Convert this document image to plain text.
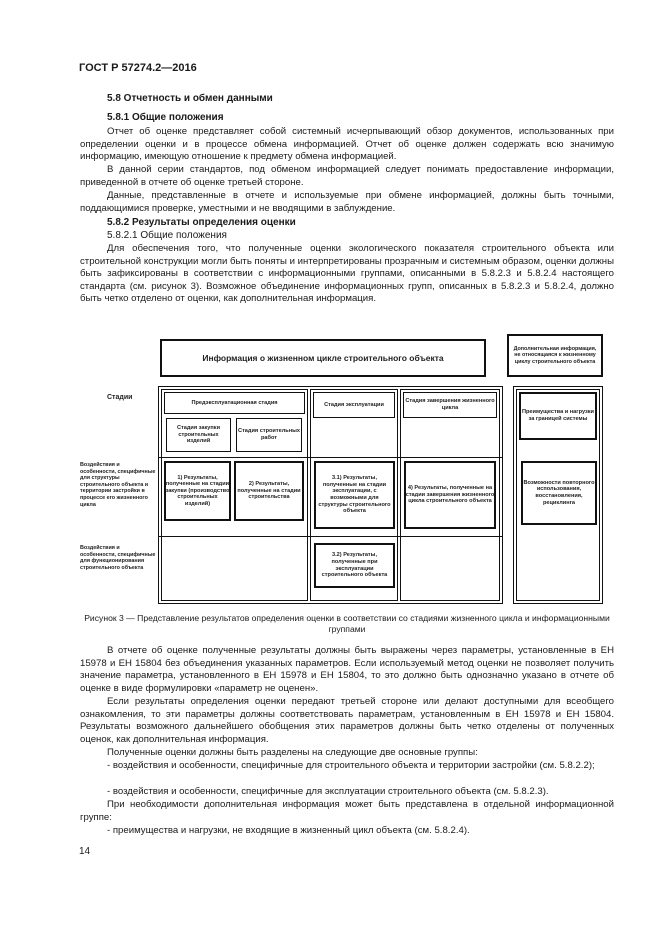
ГОСТ Р 57274.2—2016
5.8 Отчетность и обмен данными
5.8.1 Общие положения

Отчет об оценке представляет собой системный исчерпывающий обзор документов, использованных при определении оценки и в процессе обмена информацией. Отчет об оценке должен содержать всю значимую информацию, имеющую отношение к предмету обмена информацией.

В данной серии стандартов, под обменом информацией следует понимать предоставление информации, приведенной в отчете об оценке третьей стороне.

Данные, представленные в отчете и используемые при обмене информацией, должны быть точными, поддающимися проверке, уместными и не вводящими в заблуждение.

5.8.2 Результаты определения оценки
5.8.2.1 Общие положения

Для обеспечения того, что полученные оценки экологического показателя строительного объекта или строительной конструкции могли быть поняты и интерпретированы прозрачным и системным образом, оценки должны быть зафиксированы в соответствии с информационными группами, описанными в 5.8.2.3 и 5.8.2.4 настоящего стандарта (см. рисунок 3). Возможное объединение информационных групп, описанных в 5.8.2.3 и 5.8.2.4, должно быть четко отделено от оценки, как дополнительная информация.

Информация о жизненном цикле строительного объекта
Дополнительная информация, не относящаяся к жизненному циклу строительного объекта
Стадии
Предэксплуатационная стадия	Стадия эксплуатации
Стадия завершения жизненного цикла
Стадия закупки строительных изделий
Стадия строительных работ
Преимущества и нагрузки за границей системы
Воздействия и особенности, специфичные для структуры строительного объекта и территории застройки в процессе его жизненного цикла
1) Результаты, полученные на стадии закупки (производство строительных изделий)
2) Результаты, полученные на стадии строительства
3.1) Результаты, полученные на стадии эксплуатации, с возможными для структуры строительного объекта
4) Результаты, полученные на стадии завершения жизненного цикла строительного объекта
Возможности повторного использования, восстановления, рециклинга
Воздействия и особенности, специфичные для функционирования строительного объекта
3.2) Результаты, полученные при эксплуатации строительного объекта
Рисунок 3 — Представление результатов определения оценки в соответствии со стадиями жизненного цикла и информационными группами

В отчете об оценке полученные результаты должны быть выражены через параметры, установленные в ЕН 15978 и ЕН 15804 без объединения указанных параметров. Если используемый метод оценки не позволяет получить значение параметра, установленного в ЕН 15978 и ЕН 15804, то это должно быть однозначно указано в отчете об оценке в виде формулировки «параметр не оценен».

Если результаты определения оценки передают третьей стороне или делают доступными для всеобщего ознакомления, то эти параметры должны соответствовать параметрам, установленным в ЕН 15978 и ЕН 15804. Результаты возможного дальнейшего обобщения этих параметров должны быть четко отделены от полученных оценок, как дополнительная информация.

Полученные оценки должны быть разделены на следующие две основные группы:

- воздействия и особенности, специфичные для строительного объекта и территории застройки (см. 5.8.2.2);

- воздействия и особенности, специфичные для эксплуатации строительного объекта (см. 5.8.2.3).

При необходимости дополнительная информация может быть представлена в отдельной информационной группе:

- преимущества и нагрузки, не входящие в жизненный цикл объекта (см. 5.8.2.4).

14
